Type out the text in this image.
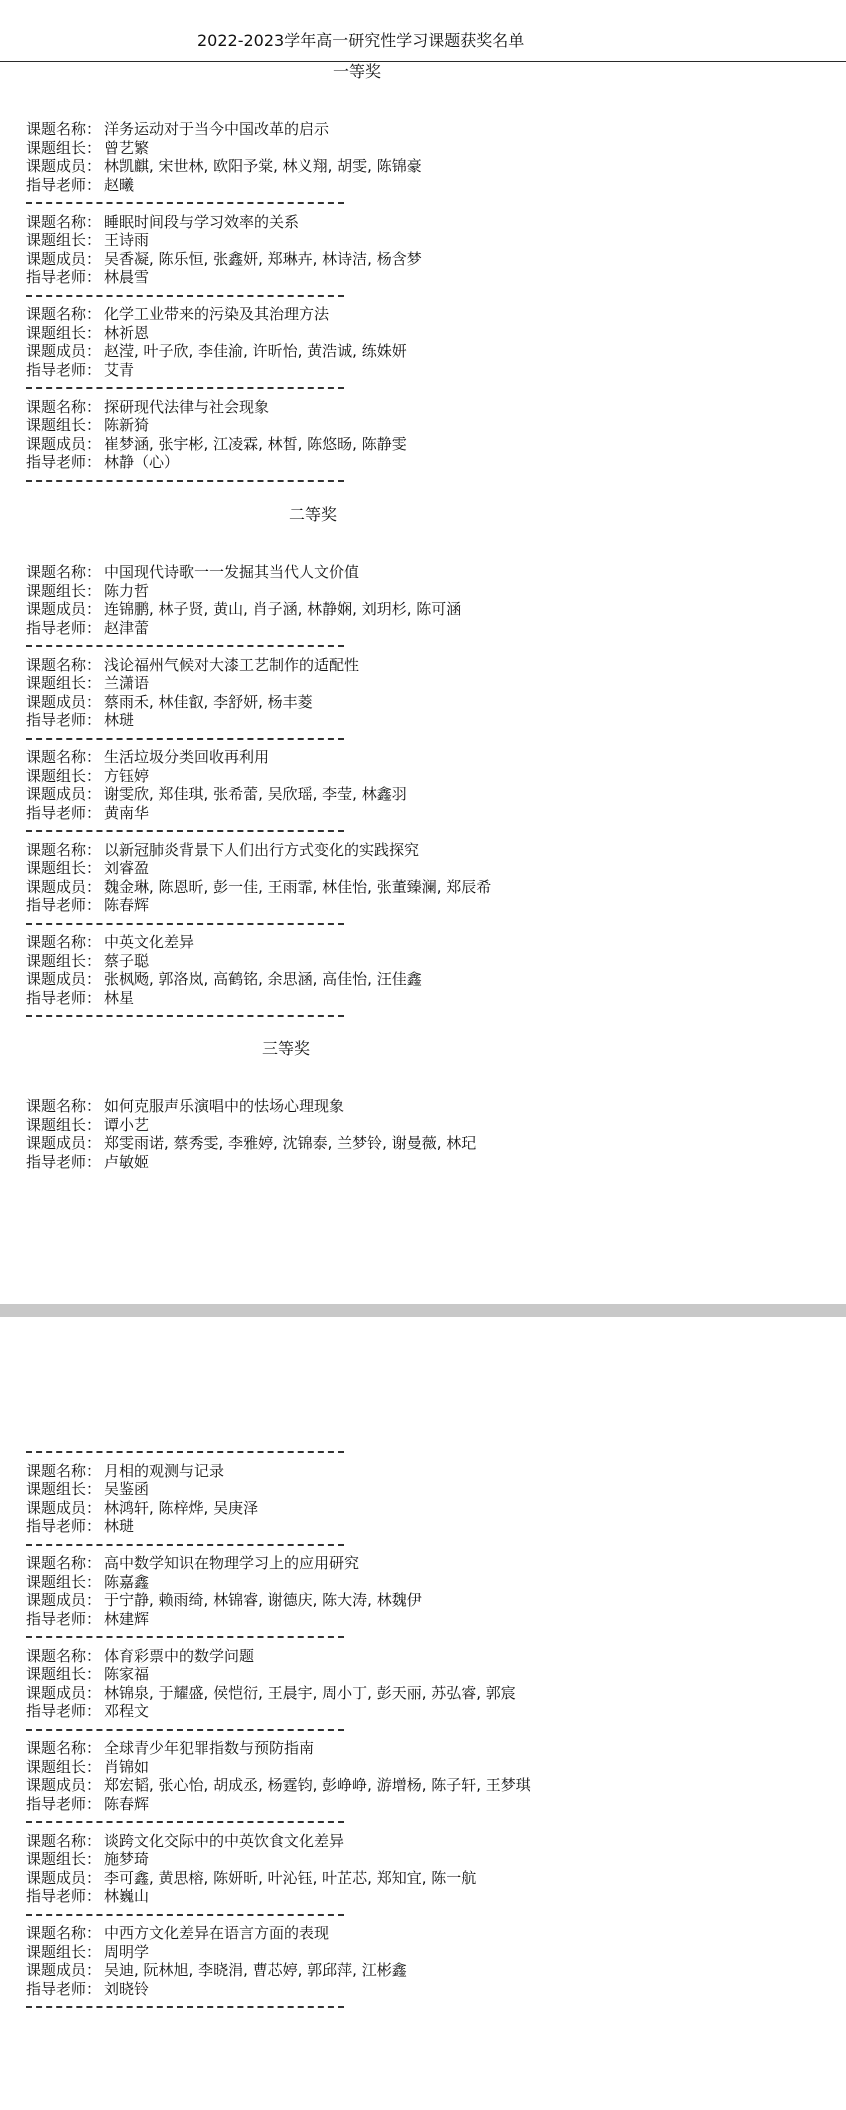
2022-2023学年高一研究性学习课题获奖名单
一等奖
课题名称： 洋务运动对于当今中国改革的启示
课题组长： 曾艺繁
课题成员： 林凯麒, 宋世林, 欧阳予棠, 林义翔, 胡雯, 陈锦豪
指导老师： 赵曦
课题名称： 睡眠时间段与学习效率的关系
课题组长： 王诗雨
课题成员： 吴香凝, 陈乐恒, 张鑫妍, 郑琳卉, 林诗洁, 杨含梦
指导老师： 林晨雪
课题名称： 化学工业带来的污染及其治理方法
课题组长： 林祈恩
课题成员： 赵滢, 叶子欣, 李佳渝, 许昕怡, 黄浩诚, 练姝妍
指导老师： 艾青
课题名称： 探研现代法律与社会现象
课题组长： 陈新猗
课题成员： 崔梦涵, 张宇彬, 江凌霖, 林皙, 陈悠旸, 陈静雯
指导老师： 林静（心）
二等奖
课题名称： 中国现代诗歌一一发掘其当代人文价值
课题组长： 陈力哲
课题成员： 连锦鹏, 林子贤, 黄山, 肖子涵, 林静娴, 刘玥杉, 陈可涵
指导老师： 赵津蕾
课题名称： 浅论福州气候对大漆工艺制作的适配性
课题组长： 兰潇语
课题成员： 蔡雨禾, 林佳叡, 李舒妍, 杨丰菱
指导老师： 林琎
课题名称： 生活垃圾分类回收再利用
课题组长： 方钰婷
课题成员： 谢雯欣, 郑佳琪, 张希蕾, 吴欣瑶, 李莹, 林鑫羽
指导老师： 黄南华
课题名称： 以新冠肺炎背景下人们出行方式变化的实践探究
课题组长： 刘睿盈
课题成员： 魏金琳, 陈恩昕, 彭一佳, 王雨霏, 林佳怡, 张董臻澜, 郑辰希
指导老师： 陈春辉
课题名称： 中英文化差异
课题组长： 蔡子聪
课题成员： 张枫飏, 郭洛岚, 高鹤铭, 余思涵, 高佳怡, 汪佳鑫
指导老师： 林星
三等奖
课题名称： 如何克服声乐演唱中的怯场心理现象
课题组长： 谭小艺
课题成员： 郑雯雨诺, 蔡秀雯, 李雅婷, 沈锦泰, 兰梦铃, 谢曼薇, 林玘
指导老师： 卢敏姬
课题名称： 月相的观测与记录
课题组长： 吴鉴函
课题成员： 林鸿轩, 陈梓烨, 吴庚泽
指导老师： 林琎
课题名称： 高中数学知识在物理学习上的应用研究
课题组长： 陈嘉鑫
课题成员： 于宁静, 赖雨绮, 林锦睿, 谢德庆, 陈大涛, 林魏伊
指导老师： 林建辉
课题名称： 体育彩票中的数学问题
课题组长： 陈家福
课题成员： 林锦泉, 于耀盛, 侯恺衍, 王晨宇, 周小丁, 彭天丽, 苏弘睿, 郭宸
指导老师： 邓程文
课题名称： 全球青少年犯罪指数与预防指南
课题组长： 肖锦如
课题成员： 郑宏韬, 张心怡, 胡成丞, 杨霆钧, 彭峥峥, 游增杨, 陈子轩, 王梦琪
指导老师： 陈春辉
课题名称： 谈跨文化交际中的中英饮食文化差异
课题组长： 施梦琦
课题成员： 李可鑫, 黄思榕, 陈妍昕, 叶沁钰, 叶芷芯, 郑知宜, 陈一航
指导老师： 林巍山
课题名称： 中西方文化差异在语言方面的表现
课题组长： 周明学
课题成员： 吴迪, 阮林旭, 李晓涓, 曹芯婷, 郭邱萍, 江彬鑫
指导老师： 刘晓铃
